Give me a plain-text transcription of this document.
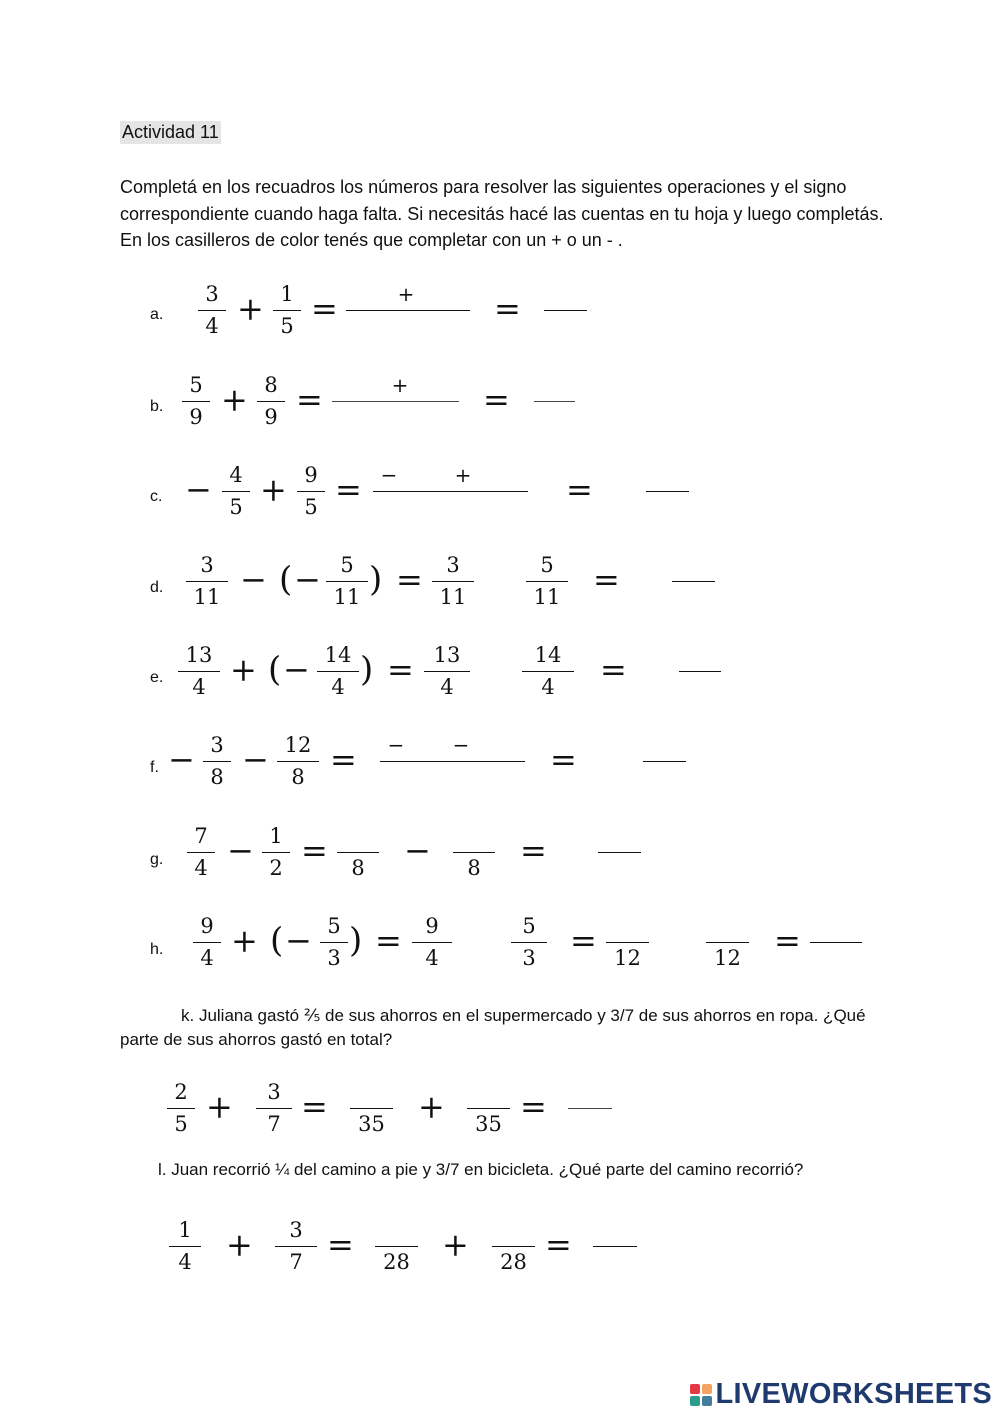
Actividad 11
Completá en los recuadros los números para resolver las siguientes operaciones y el signo correspondiente cuando haga falta. Si necesitás hacé las cuentas en tu hoja y luego completás. En los casilleros de color tenés que completar con un + o un - .
a.
b.
c.
d.
e.
f.
g.
h.
3
4 + 1
5 =	+ =
5
9 + 8
9 =	+ =
− 4
5 + 9
5 = −	+	=
3
11 − ( − 5
11 ) =	3
11
5
11 =
13
4 + ( − 14
4 ) = 13
4
14
4	=
− 3
8 − 12
8 = − −	=
7
4 − 1
2 =	8	−	8	=
9
4 + ( − 5
3 ) =	9
4
5
3	= 12	12 =
k. Juliana gastó ⅖ de sus ahorros en el supermercado y 3/7 de sus ahorros en ropa. ¿Qué parte de sus ahorros gastó en total?
2
5 +	3
7 =	35 +	35 =
l. Juan recorrió ¼ del camino a pie y 3/7 en bicicleta. ¿Qué parte del camino recorrió?
1
4 +	3
7 =	28 +	28 =
LIVEWORKSHEETS
